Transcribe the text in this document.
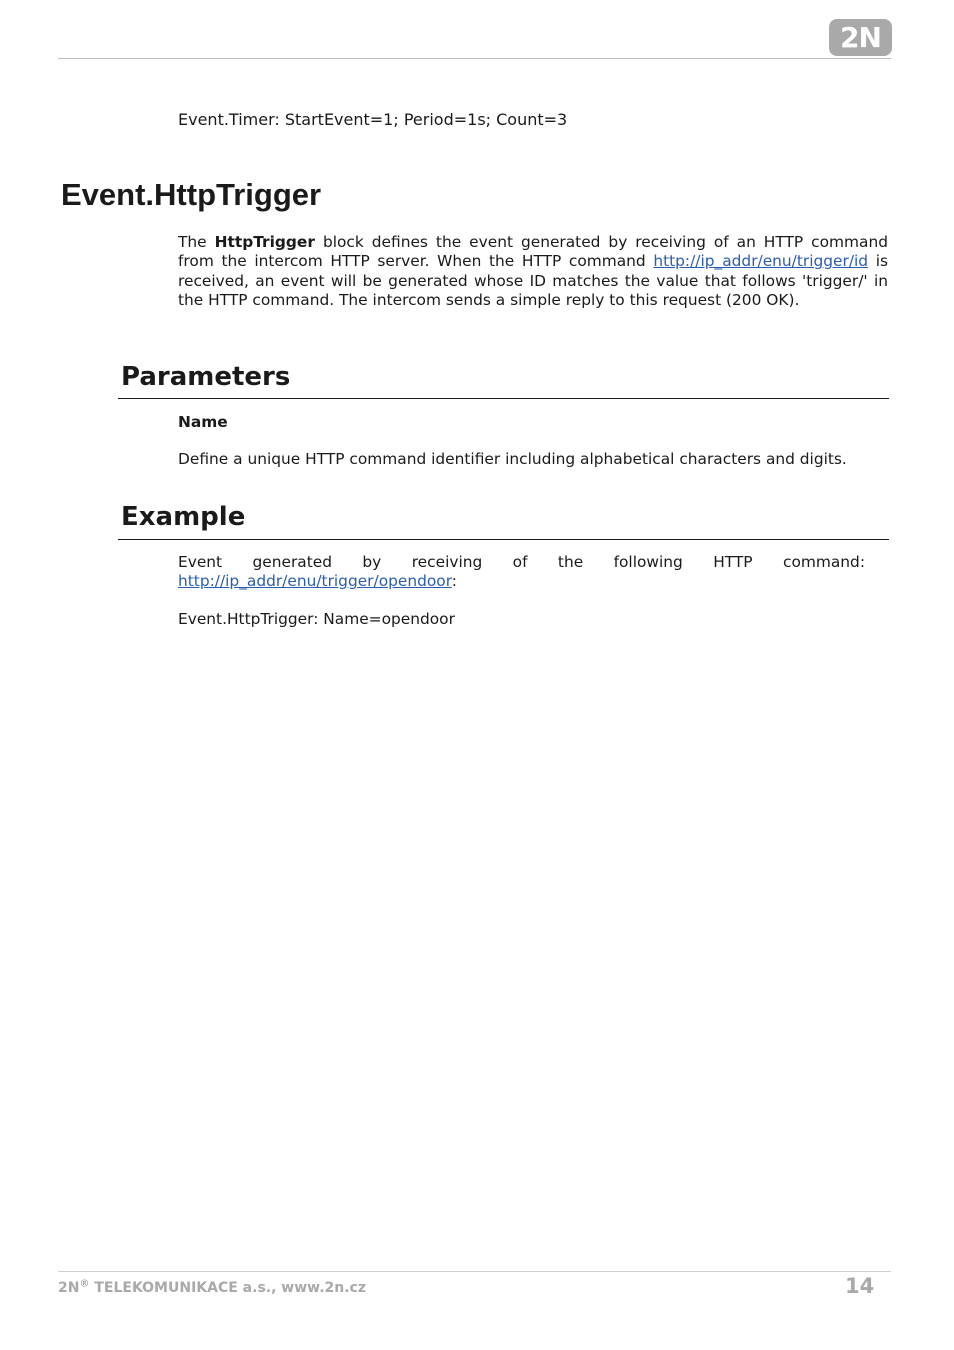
2N
Event.Timer: StartEvent=1; Period=1s; Count=3
Event.HttpTrigger

The HttpTrigger block defines the event generated by receiving of an HTTP command from the intercom HTTP server. When the HTTP command http://ip_addr/enu/trigger/id is received, an event will be generated whose ID matches the value that follows 'trigger/' in the HTTP command. The intercom sends a simple reply to this request (200 OK).

Parameters
Name

Define a unique HTTP command identifier including alphabetical characters and digits.

Example

Event generated by receiving of the following HTTP command: http://ip_addr/enu/trigger/opendoor:

Event.HttpTrigger: Name=opendoor
2N® TELEKOMUNIKACE a.s., www.2n.cz	14
